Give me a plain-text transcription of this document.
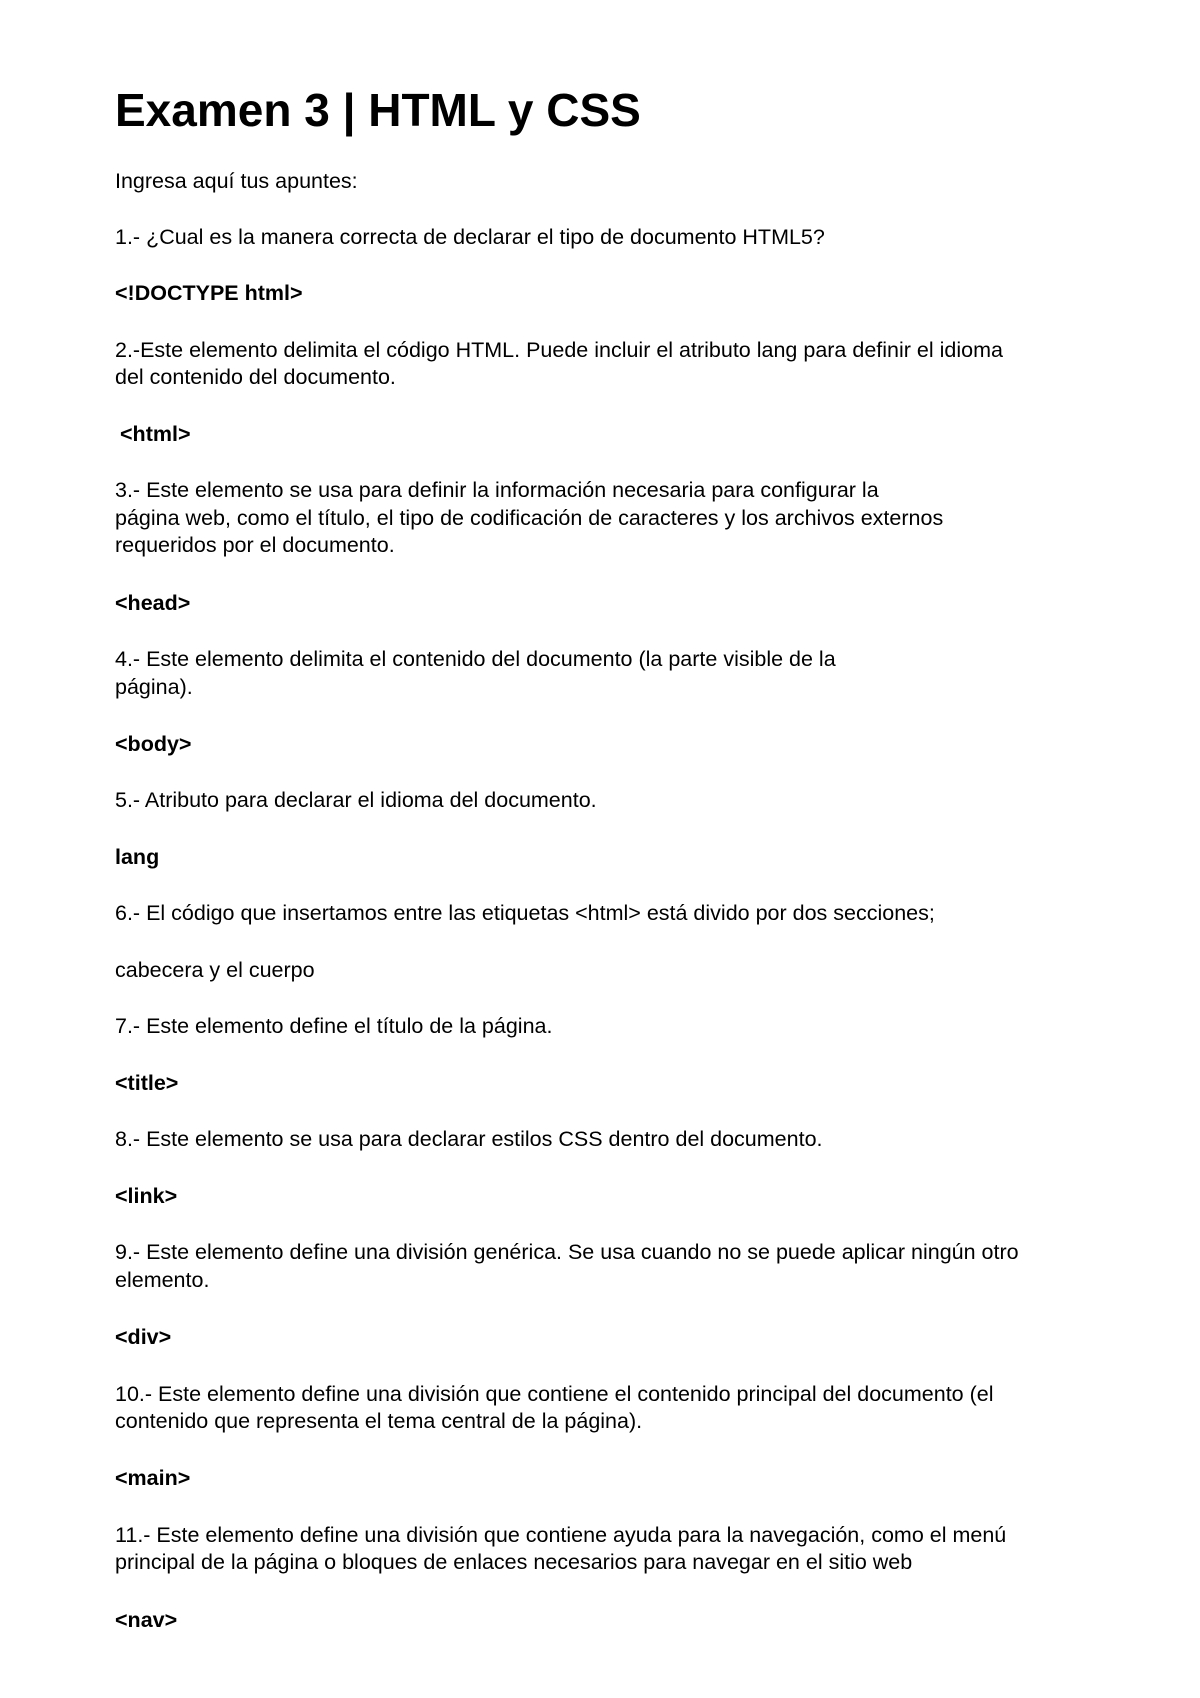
Examen 3 | HTML y CSS

Ingresa aquí tus apuntes:

1.- ¿Cual es la manera correcta de declarar el tipo de documento HTML5?

<!DOCTYPE html>

2.-Este elemento delimita el código HTML. Puede incluir el atributo lang para definir el idioma

del contenido del documento.

<html>

3.- Este elemento se usa para definir la información necesaria para configurar la

página web, como el título, el tipo de codificación de caracteres y los archivos externos

requeridos por el documento.

<head>

4.- Este elemento delimita el contenido del documento (la parte visible de la

página).

<body>

5.- Atributo para declarar el idioma del documento.

lang

6.- El código que insertamos entre las etiquetas <html> está divido por dos secciones;

cabecera y el cuerpo

7.- Este elemento define el título de la página.

<title>

8.- Este elemento se usa para declarar estilos CSS dentro del documento.

<link>

9.- Este elemento define una división genérica. Se usa cuando no se puede aplicar ningún otro

elemento.

<div>

10.- Este elemento define una división que contiene el contenido principal del documento (el

contenido que representa el tema central de la página).

<main>

11.- Este elemento define una división que contiene ayuda para la navegación, como el menú

principal de la página o bloques de enlaces necesarios para navegar en el sitio web

<nav>
